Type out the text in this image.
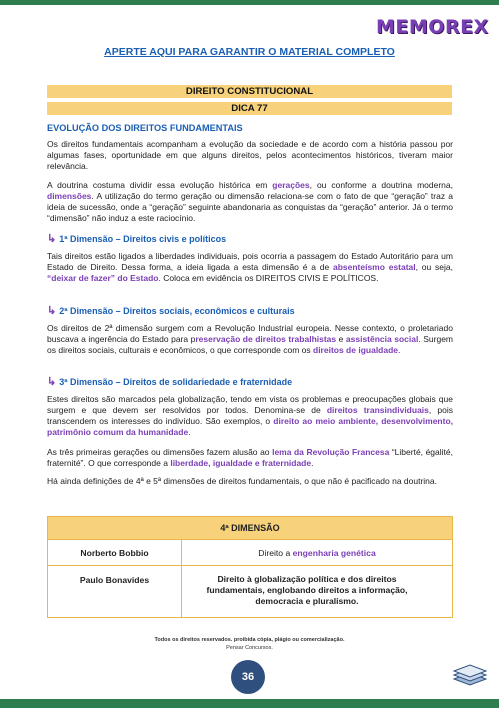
MEMOREX
APERTE AQUI PARA GARANTIR O MATERIAL COMPLETO
DIREITO CONSTITUCIONAL
DICA 77
EVOLUÇÃO DOS DIREITOS FUNDAMENTAIS
Os direitos fundamentais acompanham a evolução da sociedade e de acordo com a história passou por algumas fases, oportunidade em que alguns direitos, pelos acontecimentos históricos, tiveram maior relevância.
A doutrina costuma dividir essa evolução histórica em gerações, ou conforme a doutrina moderna, dimensões. A utilização do termo geração ou dimensão relaciona-se com o fato de que “geração” traz a ideia de sucessão, onde a “geração” seguinte abandonaria as conquistas da “geração” anterior. Já o termo “dimensão” não induz a este raciocínio.
↳ 1ª Dimensão – Direitos civis e políticos
Tais direitos estão ligados a liberdades individuais, pois ocorria a passagem do Estado Autoritário para um Estado de Direito. Dessa forma, a ideia ligada a esta dimensão é a de absenteísmo estatal, ou seja, “deixar de fazer” do Estado. Coloca em evidência os DIREITOS CIVIS E POLÍTICOS.
↳ 2ª Dimensão – Direitos sociais, econômicos e culturais
Os direitos de 2ª dimensão surgem com a Revolução Industrial europeia. Nesse contexto, o proletariado buscava a ingerência do Estado para preservação de direitos trabalhistas e assistência social. Surgem os direitos sociais, culturais e econômicos, o que corresponde com os direitos de igualdade.
↳ 3ª Dimensão – Direitos de solidariedade e fraternidade
Estes direitos são marcados pela globalização, tendo em vista os problemas e preocupações globais que surgem e que devem ser resolvidos por todos. Denomina-se de direitos transindividuais, pois transcendem os interesses do indivíduo. São exemplos, o direito ao meio ambiente, desenvolvimento, patrimônio comum da humanidade.
As três primeiras gerações ou dimensões fazem alusão ao lema da Revolução Francesa “Liberté, égalité, fraternité”. O que corresponde a liberdade, igualdade e fraternidade.
Há ainda definições de 4ª e 5ª dimensões de direitos fundamentais, o que não é pacificado na doutrina.
4ª DIMENSÃO
Norberto Bobbio	Direito a engenharia genética
Paulo Bonavides	Direito à globalização política e dos direitos fundamentais, englobando direitos a informação, democracia e pluralismo.
Todos os direitos reservados. proibida cópia, plágio ou comercialização.
Pensar Concursos.
36
